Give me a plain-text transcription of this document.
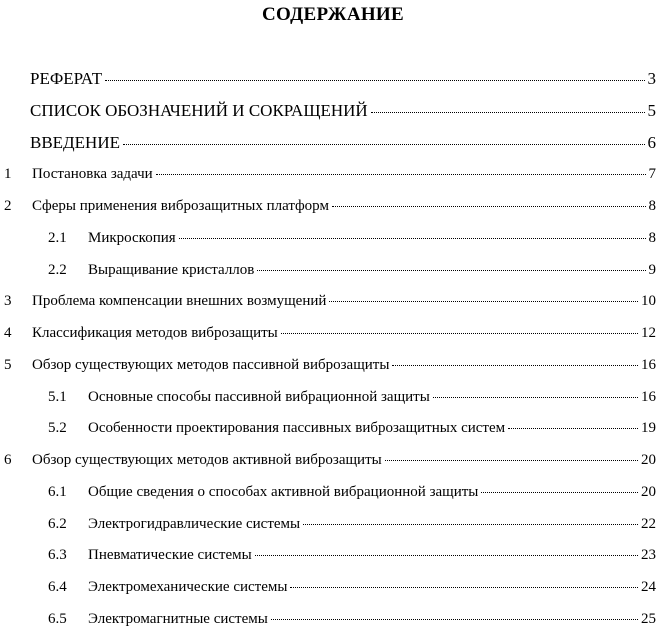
СОДЕРЖАНИЕ
РЕФЕРАТ	3
СПИСОК ОБОЗНАЧЕНИЙ И СОКРАЩЕНИЙ	5
ВВЕДЕНИЕ	6
1	Постановка задачи	7
2	Сферы применения виброзащитных платформ	8
2.1	Микроскопия	8
2.2	Выращивание кристаллов	9
3	Проблема компенсации внешних возмущений	10
4	Классификация методов виброзащиты	12
5	Обзор существующих методов пассивной виброзащиты	16
5.1	Основные способы пассивной вибрационной защиты	16
5.2	Особенности проектирования пассивных виброзащитных систем	19
6	Обзор существующих методов активной виброзащиты	20
6.1	Общие сведения о способах активной вибрационной защиты	20
6.2	Электрогидравлические системы	22
6.3	Пневматические системы	23
6.4	Электромеханические системы	24
6.5	Электромагнитные системы	25
